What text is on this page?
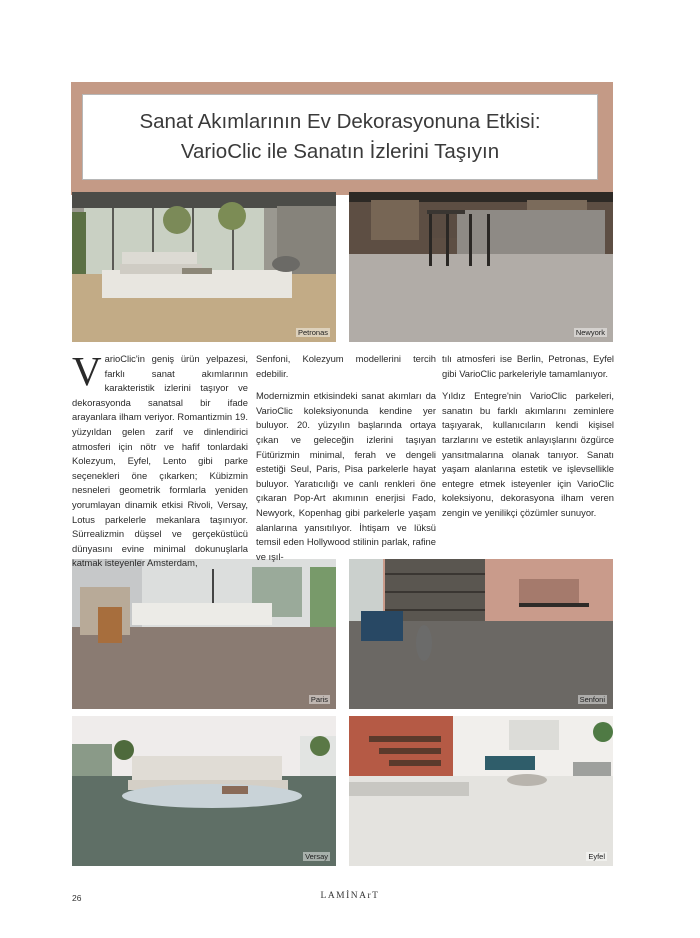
Sanat Akımlarının Ev Dekorasyonuna Etkisi:
VarioClic ile Sanatın İzlerini Taşıyın
Petronas	Newyork
Paris	Senfoni
Versay	Eyfel

VarioClic'in geniş ürün yelpazesi, farklı sanat akımlarının karakteristik izlerini taşıyor ve dekorasyonda sanatsal bir ifade arayanlara ilham veriyor. Romantizmin 19. yüzyıldan gelen zarif ve dinlendirici atmosferi için nötr ve hafif tonlardaki Kolezyum, Eyfel, Lento gibi parke seçenekleri öne çıkarken; Kübizmin nesneleri geometrik formlarla yeniden yorumlayan dinamik etkisi Rivoli, Versay, Lotus parkelerle mekanlara taşınıyor. Sürrealizmin düşsel ve gerçeküstücü dünyasını evine minimal dokunuşlarla katmak isteyenler Amsterdam,

Senfoni, Kolezyum modellerini tercih edebilir.

Modernizmin etkisindeki sanat akımları da VarioClic koleksiyonunda kendine yer buluyor. 20. yüzyılın başlarında ortaya çıkan ve geleceğin izlerini taşıyan Fütürizmin minimal, ferah ve dengeli estetiği Seul, Paris, Pisa parkelerle hayat buluyor. Yaratıcılığı ve canlı renkleri öne çıkaran Pop-Art akımının enerjisi Fado, Newyork, Kopenhag gibi parkelerle yaşam alanlarına yansıtılıyor. İhtişam ve lüksü temsil eden Hollywood stilinin parlak, rafine ve ışıl-

tılı atmosferi ise Berlin, Petronas, Eyfel gibi VarioClic parkeleriyle tamamlanıyor.

Yıldız Entegre'nin VarioClic parkeleri, sanatın bu farklı akımlarını zeminlere taşıyarak, kullanıcıların kendi kişisel tarzlarını ve estetik anlayışlarını özgürce yansıtmalarına olanak tanıyor. Sanatı yaşam alanlarına estetik ve işlevsellikle entegre etmek isteyenler için VarioClic koleksiyonu, dekorasyona ilham veren zengin ve yenilikçi çözümler sunuyor.

26	LAMİNArT
